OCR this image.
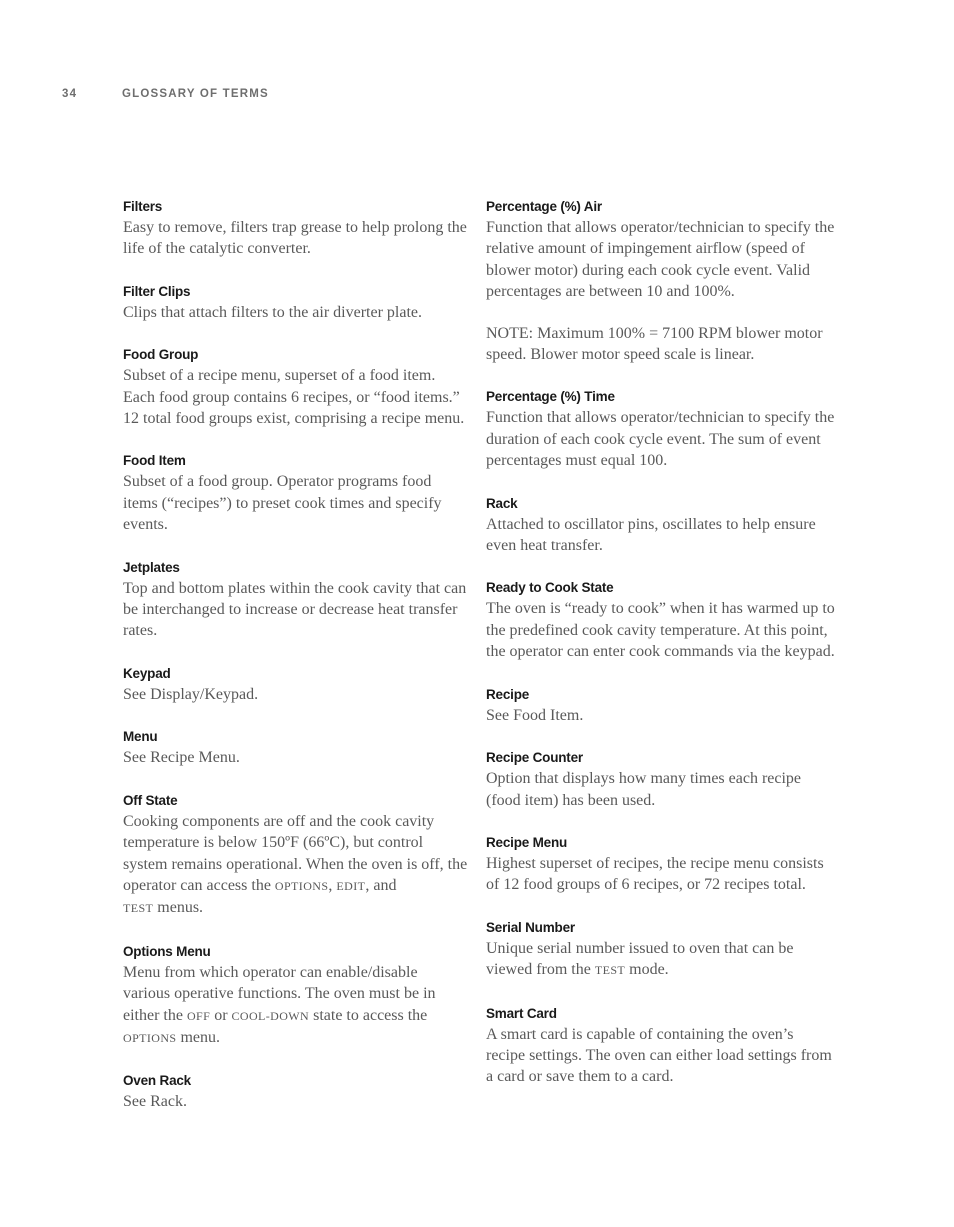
34	GLOSSARY OF TERMS
Filters
Easy to remove, filters trap grease to help prolong the life of the catalytic converter.
Filter Clips
Clips that attach filters to the air diverter plate.
Food Group
Subset of a recipe menu, superset of a food item. Each food group contains 6 recipes, or “food items.” 12 total food groups exist, comprising a recipe menu.
Food Item
Subset of a food group. Operator programs food items (“recipes”) to preset cook times and specify events.
Jetplates
Top and bottom plates within the cook cavity that can be interchanged to increase or decrease heat transfer rates.
Keypad
See Display/Keypad.
Menu
See Recipe Menu.
Off State
Cooking components are off and the cook cavity temperature is below 150ºF (66ºC), but control system remains operational. When the oven is off, the operator can access the OPTIONS, EDIT, and
TEST menus.
Options Menu
Menu from which operator can enable/disable various operative functions. The oven must be in either the OFF or COOL-DOWN state to access the
OPTIONS menu.
Oven Rack
See Rack.
Percentage (%) Air
Function that allows operator/technician to specify the relative amount of impingement airflow (speed of blower motor) during each cook cycle event. Valid percentages are between 10 and 100%.
NOTE: Maximum 100% = 7100 RPM blower motor speed. Blower motor speed scale is linear.
Percentage (%) Time
Function that allows operator/technician to specify the duration of each cook cycle event. The sum of event percentages must equal 100.
Rack
Attached to oscillator pins, oscillates to help ensure even heat transfer.
Ready to Cook State
The oven is “ready to cook” when it has warmed up to the predefined cook cavity temperature. At this point, the operator can enter cook commands via the keypad.
Recipe
See Food Item.
Recipe Counter
Option that displays how many times each recipe (food item) has been used.
Recipe Menu
Highest superset of recipes, the recipe menu consists of 12 food groups of 6 recipes, or 72 recipes total.
Serial Number
Unique serial number issued to oven that can be viewed from the TEST mode.
Smart Card
A smart card is capable of containing the oven’s recipe settings. The oven can either load settings from a card or save them to a card.
